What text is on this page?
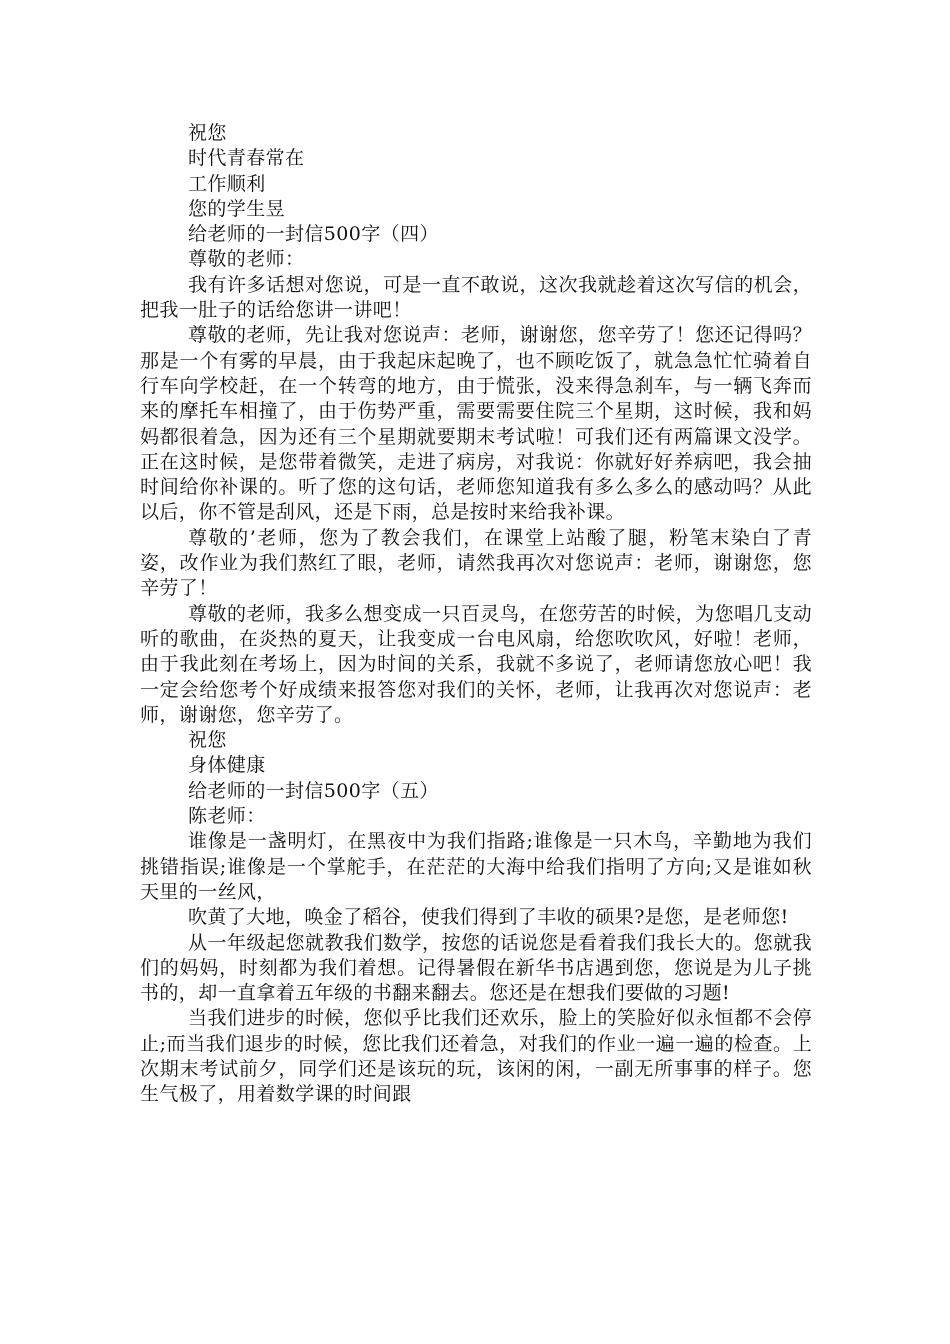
祝您

时代青春常在

工作顺利

您的学生昱

给老师的一封信500字（四）

尊敬的老师：

我有许多话想对您说，可是一直不敢说，这次我就趁着这次写信的机会，把我一肚子的话给您讲一讲吧！

尊敬的老师，先让我对您说声：老师，谢谢您，您辛劳了！您还记得吗？那是一个有雾的早晨，由于我起床起晚了，也不顾吃饭了，就急急忙忙骑着自行车向学校赶，在一个转弯的地方，由于慌张，没来得急刹车，与一辆飞奔而来的摩托车相撞了，由于伤势严重，需要需要住院三个星期，这时候，我和妈妈都很着急，因为还有三个星期就要期末考试啦！可我们还有两篇课文没学。正在这时候，是您带着微笑，走进了病房，对我说：你就好好养病吧，我会抽时间给你补课的。听了您的这句话，老师您知道我有多么多么的感动吗？从此以后，你不管是刮风，还是下雨，总是按时来给我补课。

尊敬的’老师，您为了教会我们，在课堂上站酸了腿，粉笔末染白了青姿，改作业为我们熬红了眼，老师，请然我再次对您说声：老师，谢谢您，您辛劳了！

尊敬的老师，我多么想变成一只百灵鸟，在您劳苦的时候，为您唱几支动听的歌曲，在炎热的夏天，让我变成一台电风扇，给您吹吹风，好啦！老师，由于我此刻在考场上，因为时间的关系，我就不多说了，老师请您放心吧！我一定会给您考个好成绩来报答您对我们的关怀，老师，让我再次对您说声：老师，谢谢您，您辛劳了。

祝您

身体健康

给老师的一封信500字（五）

陈老师：

谁像是一盏明灯，在黑夜中为我们指路;谁像是一只木鸟，辛勤地为我们挑错指误;谁像是一个掌舵手，在茫茫的大海中给我们指明了方向;又是谁如秋天里的一丝风，

吹黄了大地，唤金了稻谷，使我们得到了丰收的硕果?是您，是老师您!

从一年级起您就教我们数学，按您的话说您是看着我们我长大的。您就我们的妈妈，时刻都为我们着想。记得暑假在新华书店遇到您，您说是为儿子挑书的，却一直拿着五年级的书翻来翻去。您还是在想我们要做的习题!

当我们进步的时候，您似乎比我们还欢乐，脸上的笑脸好似永恒都不会停止;而当我们退步的时候，您比我们还着急，对我们的作业一遍一遍的检查。上次期末考试前夕，同学们还是该玩的玩，该闲的闲，一副无所事事的样子。您生气极了，用着数学课的时间跟
